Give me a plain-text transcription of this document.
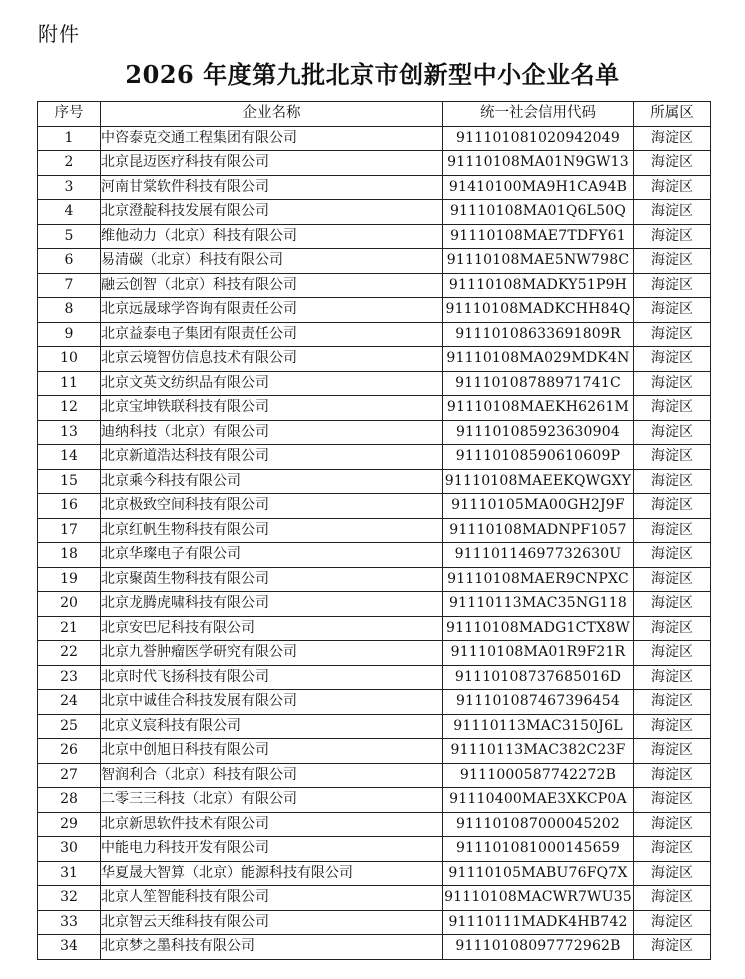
附件
2026 年度第九批北京市创新型中小企业名单
序号	企业名称	统一社会信用代码	所属区
1	中咨泰克交通工程集团有限公司	911101081020942049	海淀区
2	北京昆迈医疗科技有限公司	91110108MA01N9GW13	海淀区
3	河南甘棠软件科技有限公司	91410100MA9H1CA94B	海淀区
4	北京澄靛科技发展有限公司	91110108MA01Q6L50Q	海淀区
5	维他动力（北京）科技有限公司	91110108MAE7TDFY61	海淀区
6	易清碳（北京）科技有限公司	91110108MAE5NW798C	海淀区
7	融云创智（北京）科技有限公司	91110108MADKY51P9H	海淀区
8	北京远晟球学咨询有限责任公司	91110108MADKCHH84Q	海淀区
9	北京益泰电子集团有限责任公司	91110108633691809R	海淀区
10	北京云境智仿信息技术有限公司	91110108MA029MDK4N	海淀区
11	北京文英文纺织品有限公司	91110108788971741C	海淀区
12	北京宝坤铁联科技有限公司	91110108MAEKH6261M	海淀区
13	迪纳科技（北京）有限公司	911101085923630904	海淀区
14	北京新道浩达科技有限公司	91110108590610609P	海淀区
15	北京乘今科技有限公司	91110108MAEEKQWGXY	海淀区
16	北京极致空间科技有限公司	91110105MA00GH2J9F	海淀区
17	北京红帆生物科技有限公司	91110108MADNPF1057	海淀区
18	北京华璨电子有限公司	91110114697732630U	海淀区
19	北京聚茵生物科技有限公司	91110108MAER9CNPXC	海淀区
20	北京龙腾虎啸科技有限公司	91110113MAC35NG118	海淀区
21	北京安巴尼科技有限公司	91110108MADG1CTX8W	海淀区
22	北京九誉肿瘤医学研究有限公司	91110108MA01R9F21R	海淀区
23	北京时代飞扬科技有限公司	91110108737685016D	海淀区
24	北京中诚佳合科技发展有限公司	911101087467396454	海淀区
25	北京义宸科技有限公司	91110113MAC3150J6L	海淀区
26	北京中创旭日科技有限公司	91110113MAC382C23F	海淀区
27	智润利合（北京）科技有限公司	9111000587742272B	海淀区
28	二零三三科技（北京）有限公司	91110400MAE3XKCP0A	海淀区
29	北京新思软件技术有限公司	911101087000045202	海淀区
30	中能电力科技开发有限公司	911101081000145659	海淀区
31	华夏晟大智算（北京）能源科技有限公司	91110105MABU76FQ7X	海淀区
32	北京人笙智能科技有限公司	91110108MACWR7WU35	海淀区
33	北京智云天维科技有限公司	91110111MADK4HB742	海淀区
34	北京梦之墨科技有限公司	91110108097772962B	海淀区
